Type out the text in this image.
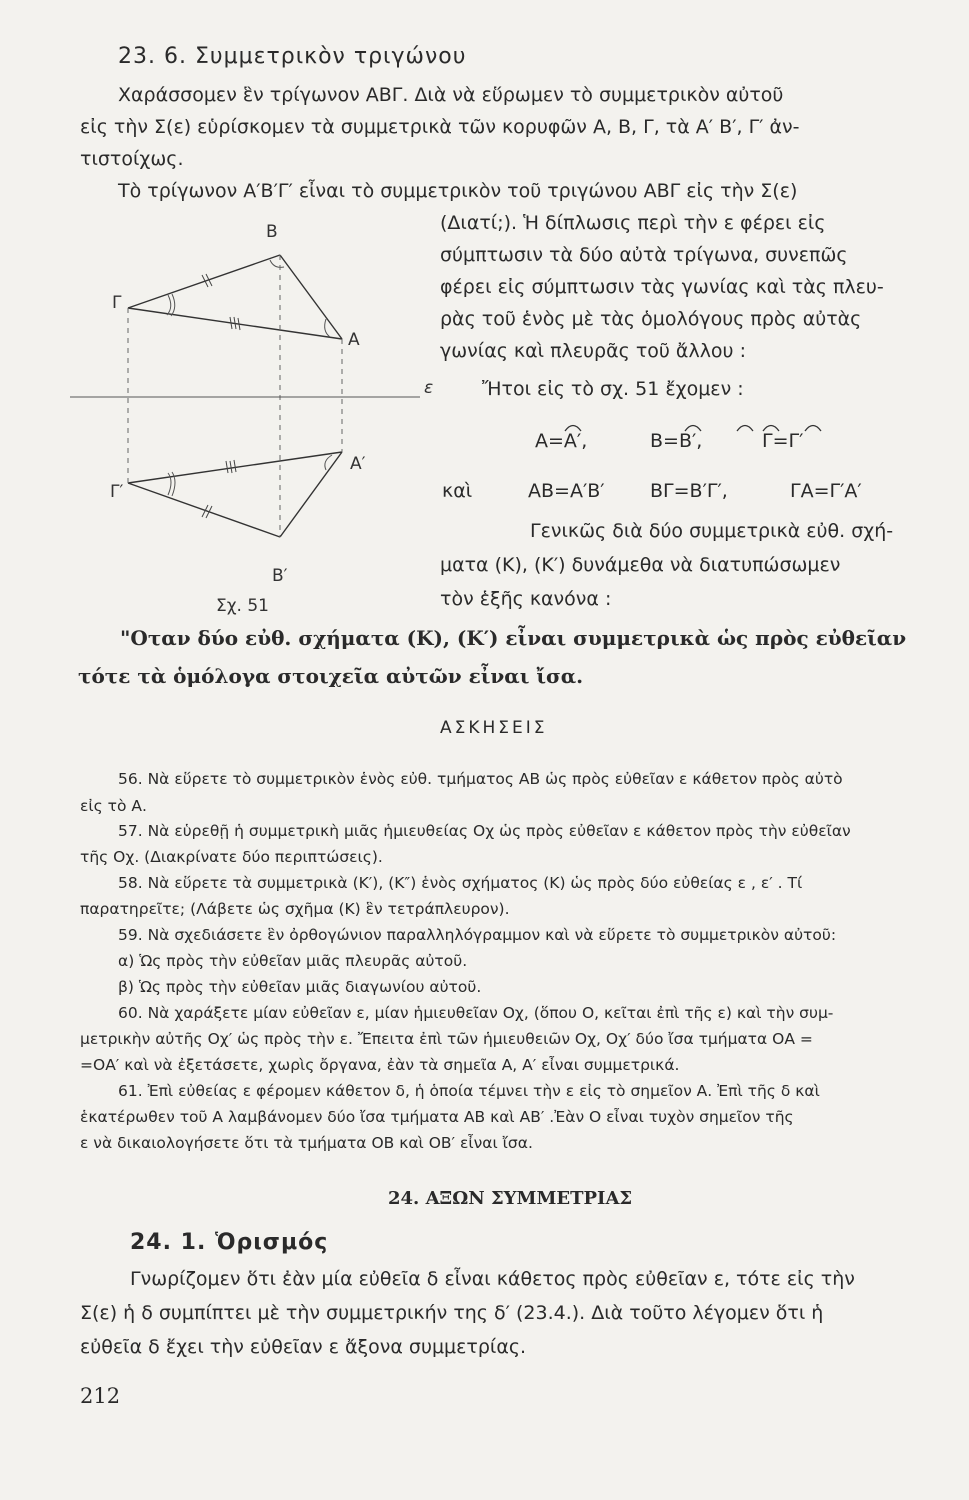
23. 6. Συμμετρικὸν τριγώνου
Χαράσσομεν ἓν τρίγωνον ΑΒΓ. Διὰ νὰ εὕρωμεν τὸ συμμετρικὸν αὐτοῦ
εἰς τὴν Σ(ε) εὑρίσκομεν τὰ συμμετρικὰ τῶν κορυφῶν Α, Β, Γ, τὰ Α′ Β′, Γ′ ἀν-
τιστοίχως.
Τὸ τρίγωνον Α′Β′Γ′ εἶναι τὸ συμμετρικὸν τοῦ τριγώνου ΑΒΓ εἰς τὴν Σ(ε)
(Διατί;). Ἡ δίπλωσις περὶ τὴν ε φέρει εἰς
σύμπτωσιν τὰ δύο αὐτὰ τρίγωνα, συνεπῶς
φέρει εἰς σύμπτωσιν τὰς γωνίας καὶ τὰς πλευ-
ρὰς τοῦ ἑνὸς μὲ τὰς ὁμολόγους πρὸς αὐτὰς
γωνίας καὶ πλευρᾶς τοῦ ἄλλου :
Ἤτοι εἰς τὸ σχ. 51 ἔχομεν :
Α=Α′,	Β=Β′,	Γ=Γ′
καὶ	ΑΒ=Α′Β′ ΒΓ=Β′Γ′,	ΓΑ=Γ′Α′
Γενικῶς διὰ δύο συμμετρικὰ εὐθ. σχή-
ματα (Κ), (Κ′) δυνάμεθα νὰ διατυπώσωμεν
τὸν ἑξῆς κανόνα :
Β
Γ
Α
ε
Α′
Γ′
Β′
Σχ. 51
"Οταν δύο εὐθ. σχήματα (Κ), (Κ′) εἶναι συμμετρικὰ ὡς πρὸς εὐθεῖαν
τότε τὰ ὁμόλογα στοιχεῖα αὐτῶν εἶναι ἴσα.
ΑΣΚΗΣΕΙΣ
56. Νὰ εὕρετε τὸ συμμετρικὸν ἑνὸς εὐθ. τμήματος ΑΒ ὡς πρὸς εὐθεῖαν ε κάθετον πρὸς αὐτὸ
εἰς τὸ Α.
57. Νὰ εὑρεθῇ ἡ συμμετρικὴ μιᾶς ἡμιευθείας Οχ ὡς πρὸς εὐθεῖαν ε κάθετον πρὸς τὴν εὐθεῖαν
τῆς Οχ. (Διακρίνατε δύο περιπτώσεις).
58. Νὰ εὕρετε τὰ συμμετρικὰ (Κ′), (Κ″) ἑνὸς σχήματος (Κ) ὡς πρὸς δύο εὐθείας ε , ε′ . Τί
παρατηρεῖτε; (Λάβετε ὡς σχῆμα (Κ) ἓν τετράπλευρον).
59. Νὰ σχεδιάσετε ἓν ὀρθογώνιον παραλληλόγραμμον καὶ νὰ εὕρετε τὸ συμμετρικὸν αὐτοῦ:
α) Ὡς πρὸς τὴν εὐθεῖαν μιᾶς πλευρᾶς αὐτοῦ.
β) Ὡς πρὸς τὴν εὐθεῖαν μιᾶς διαγωνίου αὐτοῦ.
60. Νὰ χαράξετε μίαν εὐθεῖαν ε, μίαν ἡμιευθεῖαν Οχ, (ὅπου Ο, κεῖται ἐπὶ τῆς ε) καὶ τὴν συμ-
μετρικὴν αὐτῆς Οχ′ ὡς πρὸς τὴν ε. Ἔπειτα ἐπὶ τῶν ἡμιευθειῶν Οχ, Οχ′ δύο ἴσα τμήματα ΟΑ =
=ΟΑ′ καὶ νὰ ἐξετάσετε, χωρὶς ὄργανα, ἐὰν τὰ σημεῖα Α, Α′ εἶναι συμμετρικά.
61. Ἐπὶ εὐθείας ε φέρομεν κάθετον δ, ἡ ὁποία τέμνει τὴν ε εἰς τὸ σημεῖον Α. Ἐπὶ τῆς δ καὶ
ἑκατέρωθεν τοῦ Α λαμβάνομεν δύο ἴσα τμήματα ΑΒ καὶ ΑΒ′ .Ἐὰν Ο εἶναι τυχὸν σημεῖον τῆς
ε νὰ δικαιολογήσετε ὅτι τὰ τμήματα ΟΒ καὶ ΟΒ′ εἶναι ἴσα.
24. ΑΞΩΝ ΣΥΜΜΕΤΡΙΑΣ
24. 1. Ὁρισμός
Γνωρίζομεν ὅτι ἐὰν μία εὐθεῖα δ εἶναι κάθετος πρὸς εὐθεῖαν ε, τότε εἰς τὴν
Σ(ε) ἡ δ συμπίπτει μὲ τὴν συμμετρικήν της δ′ (23.4.). Διὰ τοῦτο λέγομεν ὅτι ἡ
εὐθεῖα δ ἔχει τὴν εὐθεῖαν ε ἄξονα συμμετρίας.
212
